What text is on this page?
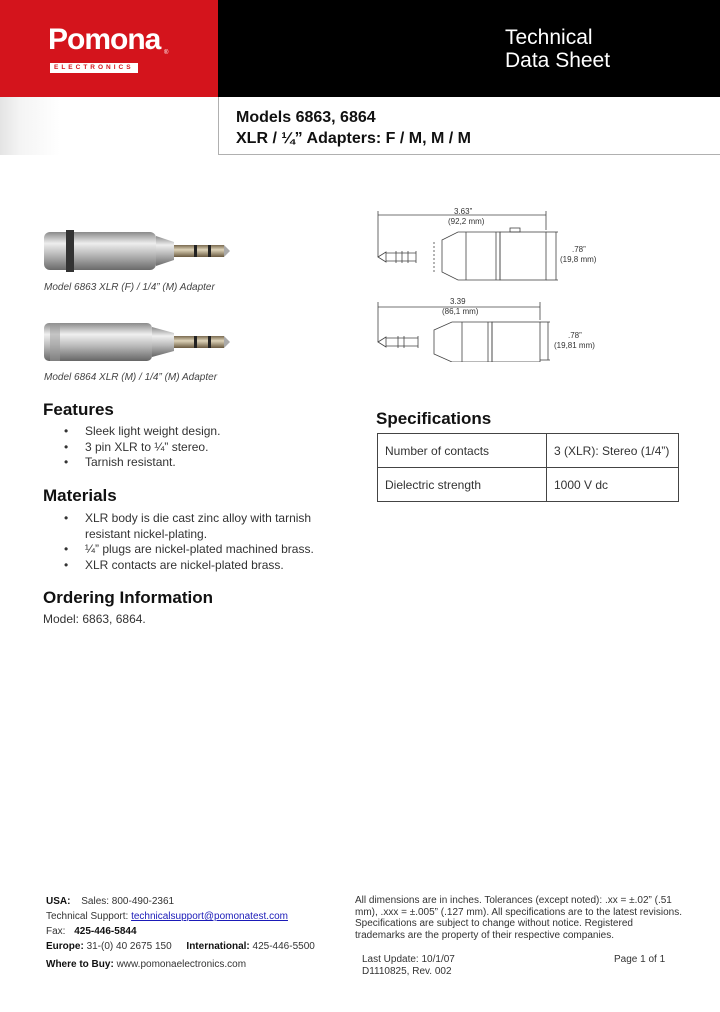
Pomona ®
ELECTRONICS
Technical
Data Sheet
Models 6863, 6864
XLR / ¼” Adapters: F / M, M / M
Model 6863 XLR (F) / 1/4” (M) Adapter
Model 6864 XLR (M) / 1/4” (M) Adapter
3.63”
(92,2 mm)
.78”
(19,8 mm)
3.39
(86,1 mm)
.78”
(19,81 mm)
Features
• Sleek light weight design.
• 3 pin XLR to ¼” stereo.
• Tarnish resistant.
Materials
• XLR body is die cast zinc alloy with tarnish resistant nickel-plating.
• ¼” plugs are nickel-plated machined brass.
• XLR contacts are nickel-plated brass.
Ordering Information
Model: 6863, 6864.
Specifications
Number of contacts	3 (XLR): Stereo (1/4”)
Dielectric strength	1000 V dc
USA: Sales: 800-490-2361
Technical Support: technicalsupport@pomonatest.com
Fax: 425-446-5844
Europe: 31-(0) 40 2675 150 International: 425-446-5500
Where to Buy: www.pomonaelectronics.com
All dimensions are in inches. Tolerances (except noted): .xx = ±.02” (.51 mm), .xxx = ±.005” (.127 mm). All specifications are to the latest revisions. Specifications are subject to change without notice. Registered trademarks are the property of their respective companies.
Last Update: 10/1/07
D1110825, Rev. 002
Page 1 of 1
